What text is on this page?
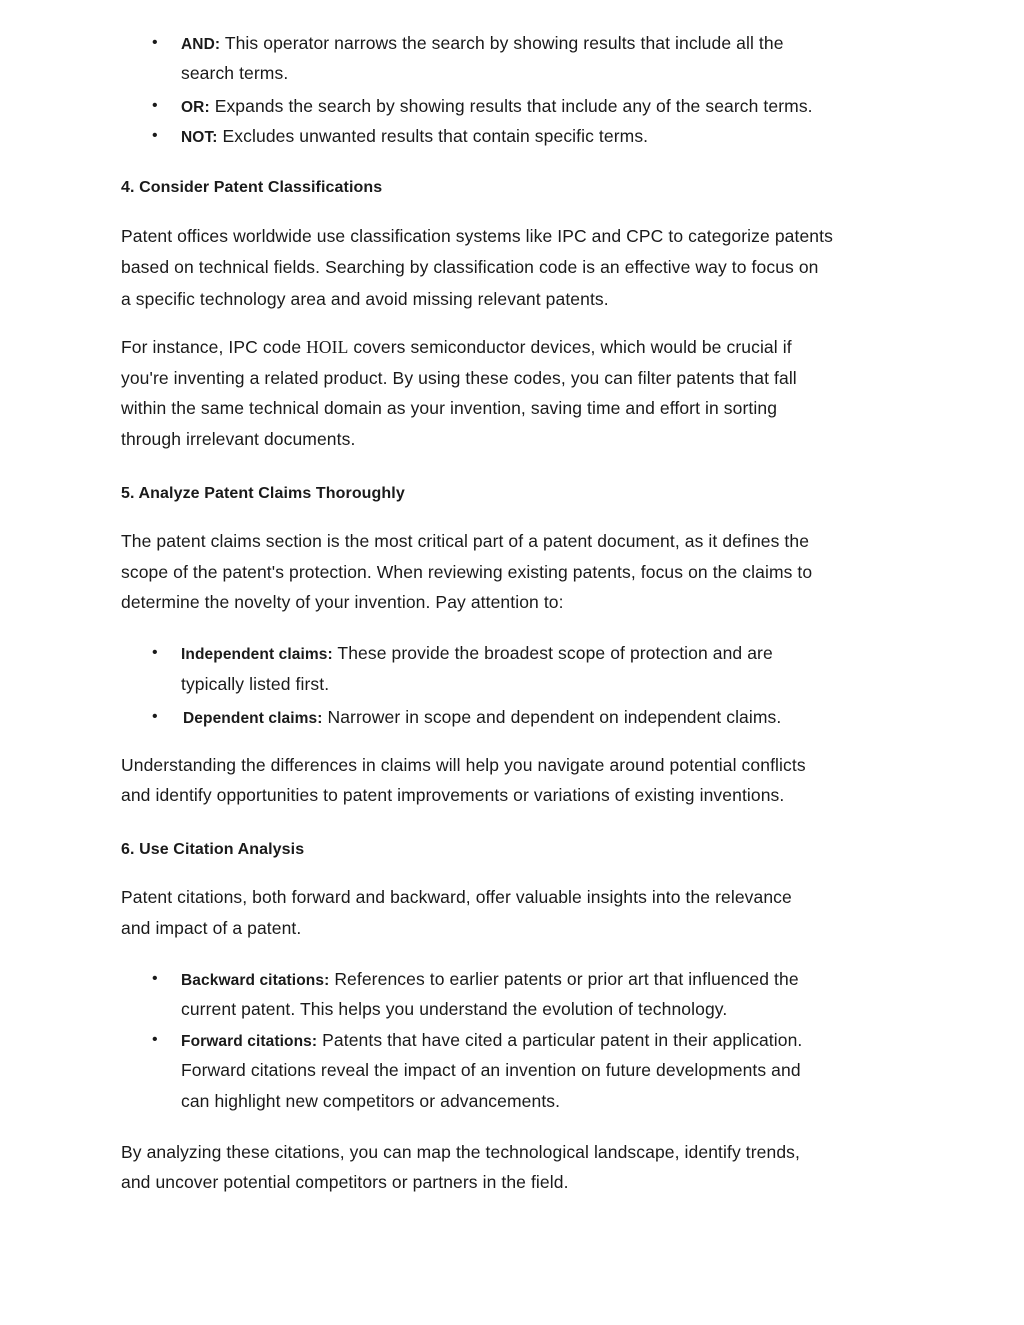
• AND: This operator narrows the search by showing results that include all the
search terms.
• OR: Expands the search by showing results that include any of the search terms.
• NOT: Excludes unwanted results that contain specific terms.
4. Consider Patent Classifications
Patent offices worldwide use classification systems like IPC and CPC to categorize patents
based on technical fields. Searching by classification code is an effective way to focus on
a specific technology area and avoid missing relevant patents.
For instance, IPC code HOIL covers semiconductor devices, which would be crucial if
you're inventing a related product. By using these codes, you can filter patents that fall
within the same technical domain as your invention, saving time and effort in sorting
through irrelevant documents.
5. Analyze Patent Claims Thoroughly
The patent claims section is the most critical part of a patent document, as it defines the
scope of the patent's protection. When reviewing existing patents, focus on the claims to
determine the novelty of your invention. Pay attention to:
• Independent claims: These provide the broadest scope of protection and are
typically listed first.
• Dependent claims: Narrower in scope and dependent on independent claims.
Understanding the differences in claims will help you navigate around potential conflicts
and identify opportunities to patent improvements or variations of existing inventions.
6. Use Citation Analysis
Patent citations, both forward and backward, offer valuable insights into the relevance
and impact of a patent.
• Backward citations: References to earlier patents or prior art that influenced the
current patent. This helps you understand the evolution of technology.
• Forward citations: Patents that have cited a particular patent in their application.
Forward citations reveal the impact of an invention on future developments and
can highlight new competitors or advancements.
By analyzing these citations, you can map the technological landscape, identify trends,
and uncover potential competitors or partners in the field.
